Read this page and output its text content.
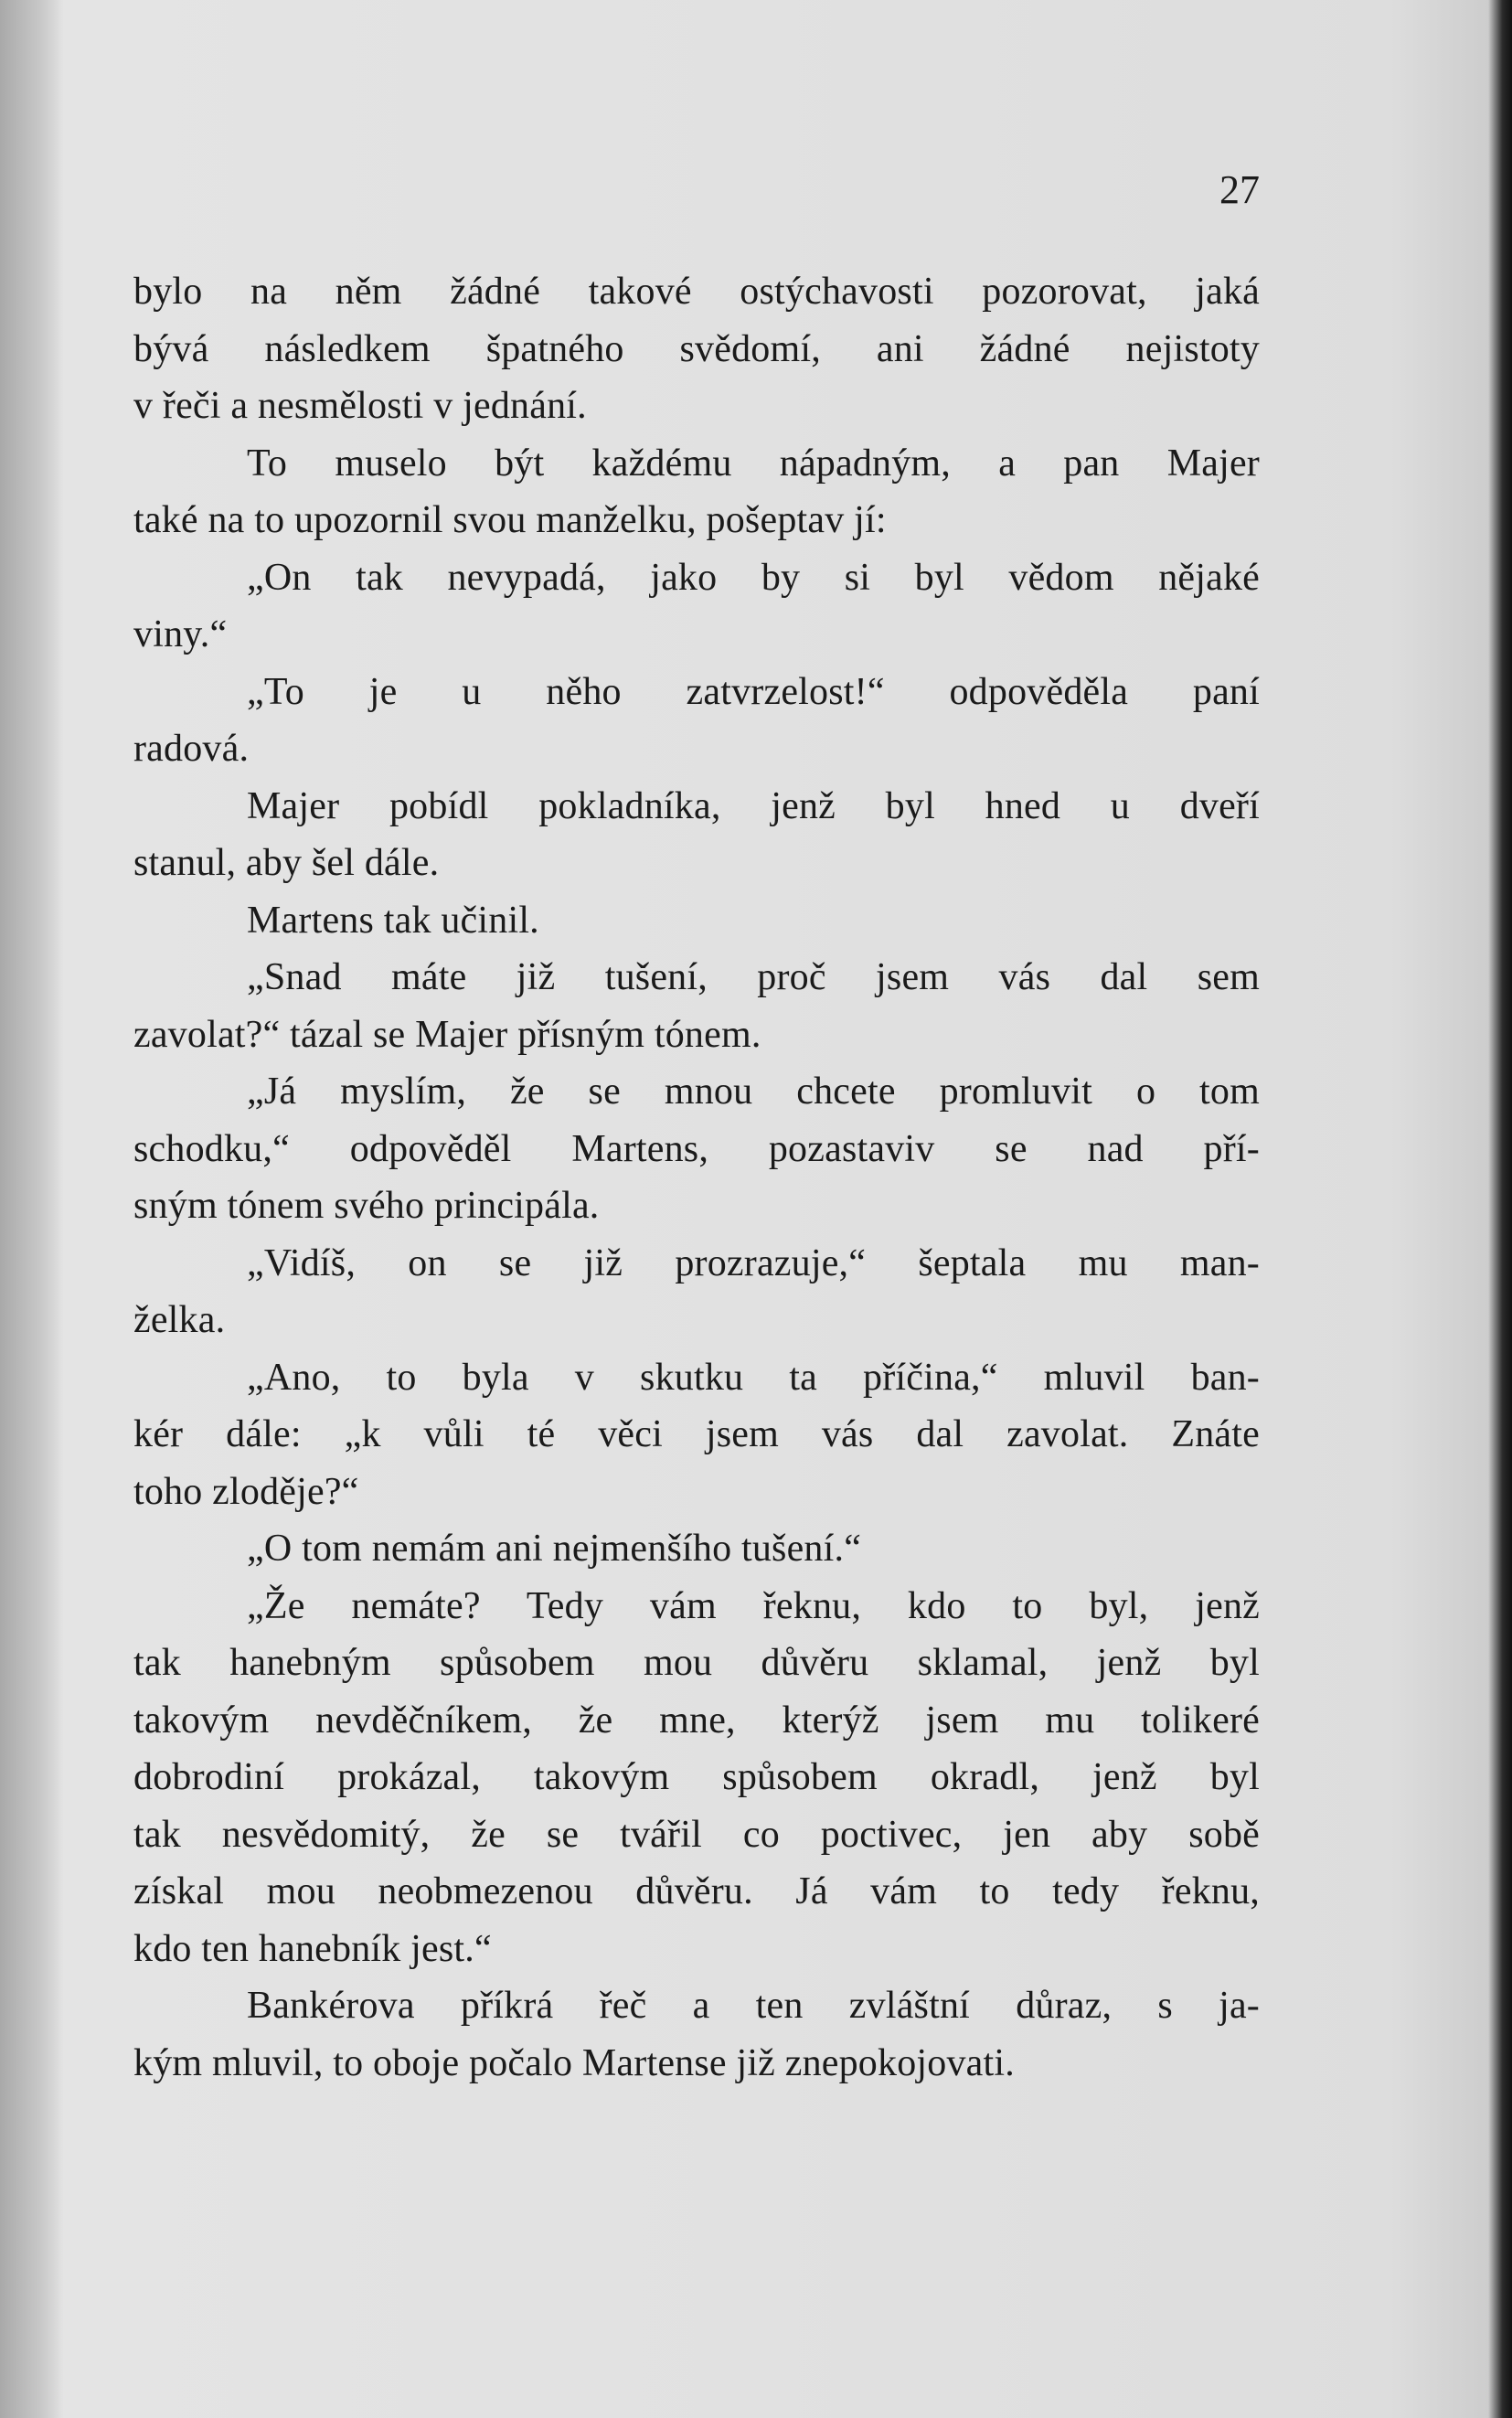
27
bylo na něm žádné takové ostýchavosti pozorovat, jaká
bývá následkem špatného svědomí, ani žádné nejistoty
v řeči a nesmělosti v jednání.
To muselo být každému nápadným, a pan Majer
také na to upozornil svou manželku, pošeptav jí:
„On tak nevypadá, jako by si byl vědom nějaké
viny.“
„To je u něho zatvrzelost!“ odpověděla paní
radová.
Majer pobídl pokladníka, jenž byl hned u dveří
stanul, aby šel dále.
Martens tak učinil.
„Snad máte již tušení, proč jsem vás dal sem
zavolat?“ tázal se Majer přísným tónem.
„Já myslím, že se mnou chcete promluvit o tom
schodku,“ odpověděl Martens, pozastaviv se nad pří-
sným tónem svého principála.
„Vidíš, on se již prozrazuje,“ šeptala mu man-
želka.
„Ano, to byla v skutku ta příčina,“ mluvil ban-
kér dále: „k vůli té věci jsem vás dal zavolat. Znáte
toho zloděje?“
„O tom nemám ani nejmenšího tušení.“
„Že nemáte? Tedy vám řeknu, kdo to byl, jenž
tak hanebným spůsobem mou důvěru sklamal, jenž byl
takovým nevděčníkem, že mne, kterýž jsem mu tolikeré
dobrodiní prokázal, takovým spůsobem okradl, jenž byl
tak nesvědomitý, že se tvářil co poctivec, jen aby sobě
získal mou neobmezenou důvěru. Já vám to tedy řeknu,
kdo ten hanebník jest.“
Bankérova příkrá řeč a ten zvláštní důraz, s ja-
kým mluvil, to oboje počalo Martense již znepokojovati.
